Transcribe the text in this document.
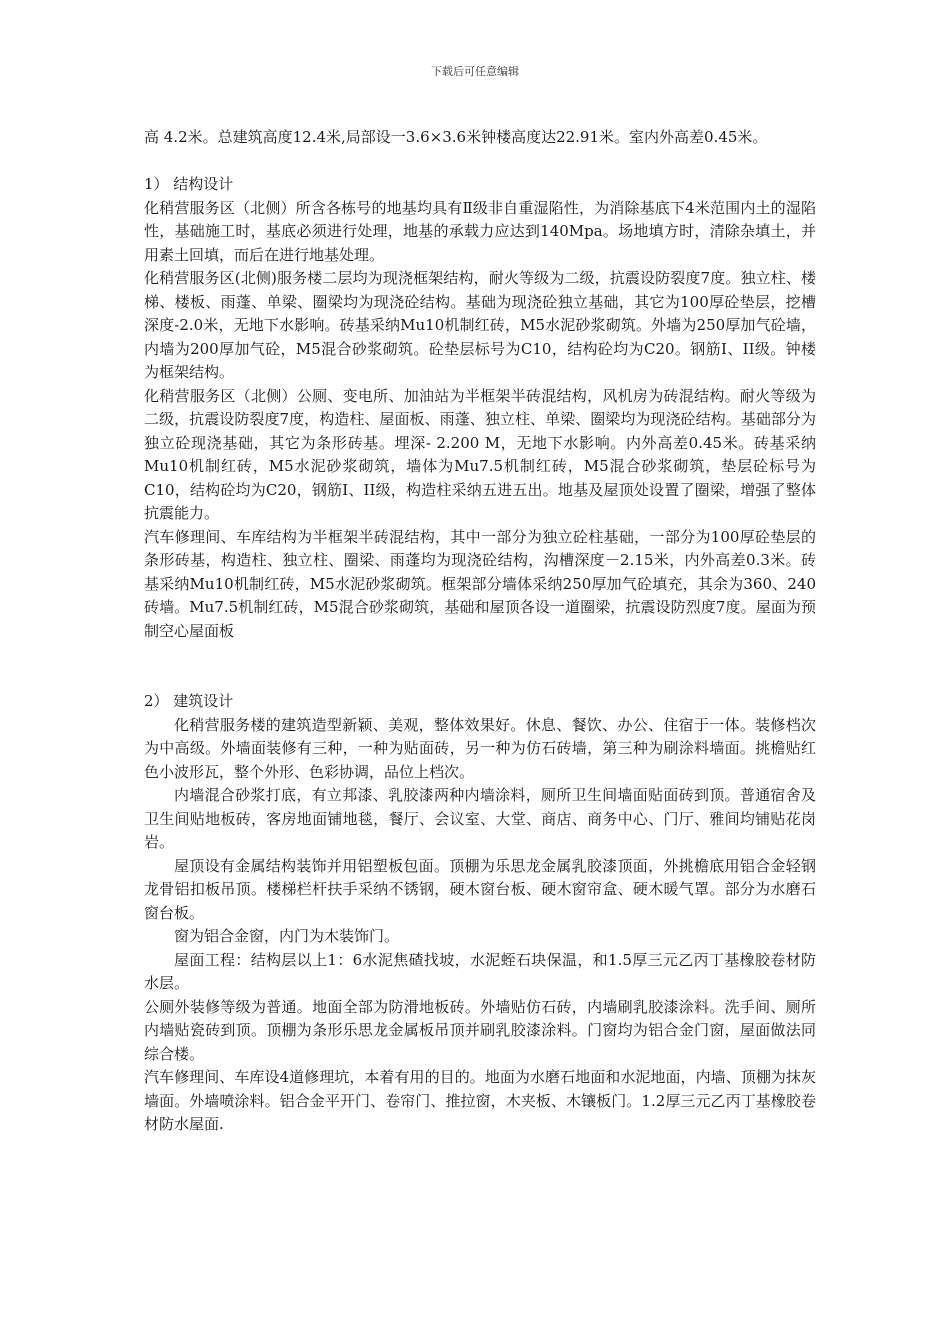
下载后可任意编辑

高 4.2米。总建筑高度12.4米,局部设一3.6×3.6米钟楼高度达22.91米。室内外高差0.45米。

1） 结构设计

化稍营服务区（北侧）所含各栋号的地基均具有Ⅱ级非自重湿陷性，为消除基底下4米范围内土的湿陷性，基础施工时，基底必须进行处理，地基的承载力应达到140Mpa。场地填方时，清除杂填土，并用素土回填，而后在进行地基处理。

化稍营服务区(北侧)服务楼二层均为现浇框架结构，耐火等级为二级，抗震设防裂度7度。独立柱、楼梯、楼板、雨蓬、单梁、圈梁均为现浇砼结构。基础为现浇砼独立基础，其它为100厚砼垫层，挖槽深度-2.0米，无地下水影响。砖基采纳Mu10机制红砖，M5水泥砂浆砌筑。外墙为250厚加气砼墙，内墙为200厚加气砼，M5混合砂浆砌筑。砼垫层标号为C10，结构砼均为C20。钢筋Ⅰ、II级。钟楼为框架结构。

化稍营服务区（北侧）公厕、变电所、加油站为半框架半砖混结构，风机房为砖混结构。耐火等级为二级，抗震设防裂度7度，构造柱、屋面板、雨蓬、独立柱、单梁、圈梁均为现浇砼结构。基础部分为独立砼现浇基础，其它为条形砖基。埋深- 2.200 M，无地下水影响。内外高差0.45米。砖基采纳Mu10机制红砖，M5水泥砂浆砌筑，墙体为Mu7.5机制红砖，M5混合砂浆砌筑，垫层砼标号为C10，结构砼均为C20，钢筋Ⅰ、II级，构造柱采纳五进五出。地基及屋顶处设置了圈梁，增强了整体抗震能力。

汽车修理间、车库结构为半框架半砖混结构，其中一部分为独立砼柱基础，一部分为100厚砼垫层的条形砖基，构造柱、独立柱、圈梁、雨蓬均为现浇砼结构，沟槽深度－2.15米，内外高差0.3米。砖基采纳Mu10机制红砖，M5水泥砂浆砌筑。框架部分墙体采纳250厚加气砼填充，其余为360、240砖墙。Mu7.5机制红砖，M5混合砂浆砌筑，基础和屋顶各设一道圈梁，抗震设防烈度7度。屋面为预制空心屋面板

2） 建筑设计

化稍营服务楼的建筑造型新颖、美观，整体效果好。休息、餐饮、办公、住宿于一体。装修档次为中高级。外墙面装修有三种，一种为贴面砖，另一种为仿石砖墙，第三种为刷涂料墙面。挑檐贴红色小波形瓦，整个外形、色彩协调，品位上档次。

内墙混合砂浆打底，有立邦漆、乳胶漆两种内墙涂料，厕所卫生间墙面贴面砖到顶。普通宿舍及卫生间贴地板砖，客房地面铺地毯，餐厅、会议室、大堂、商店、商务中心、门厅、雅间均铺贴花岗岩。

屋顶设有金属结构装饰并用铝塑板包面。顶棚为乐思龙金属乳胶漆顶面，外挑檐底用铝合金轻钢龙骨铝扣板吊顶。楼梯栏杆扶手采纳不锈钢，硬木窗台板、硬木窗帘盒、硬木暖气罩。部分为水磨石窗台板。

窗为铝合金窗，内门为木装饰门。

屋面工程：结构层以上1：6水泥焦碴找坡，水泥蛭石块保温，和1.5厚三元乙丙丁基橡胶卷材防水层。

公厕外装修等级为普通。地面全部为防滑地板砖。外墙贴仿石砖，内墙刷乳胶漆涂料。洗手间、厕所内墙贴瓷砖到顶。顶棚为条形乐思龙金属板吊顶并刷乳胶漆涂料。门窗均为铝合金门窗，屋面做法同综合楼。

汽车修理间、车库设4道修理坑，本着有用的目的。地面为水磨石地面和水泥地面，内墙、顶棚为抹灰墙面。外墙喷涂料。铝合金平开门、卷帘门、推拉窗，木夹板、木镶板门。1.2厚三元乙丙丁基橡胶卷材防水屋面.
